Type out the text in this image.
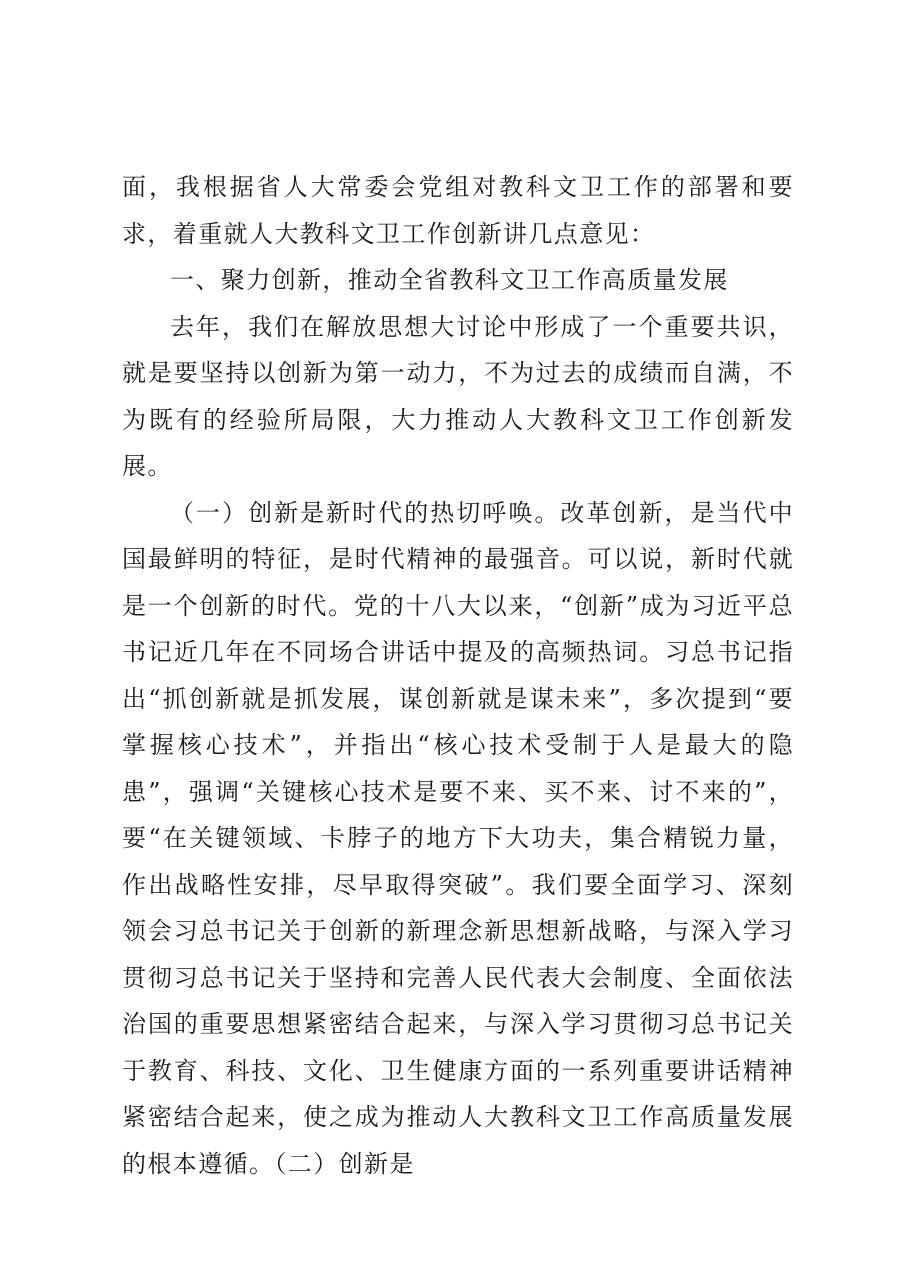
面，我根据省人大常委会党组对教科文卫工作的部署和要求，着重就人大教科文卫工作创新讲几点意见：

一、聚力创新，推动全省教科文卫工作高质量发展

去年，我们在解放思想大讨论中形成了一个重要共识，就是要坚持以创新为第一动力，不为过去的成绩而自满，不为既有的经验所局限，大力推动人大教科文卫工作创新发展。

（一）创新是新时代的热切呼唤。改革创新，是当代中国最鲜明的特征，是时代精神的最强音。可以说，新时代就是一个创新的时代。党的十八大以来，“创新”成为习近平总书记近几年在不同场合讲话中提及的高频热词。习总书记指出“抓创新就是抓发展，谋创新就是谋未来”，多次提到“要掌握核心技术”，并指出“核心技术受制于人是最大的隐患”，强调“关键核心技术是要不来、买不来、讨不来的”，要“在关键领域、卡脖子的地方下大功夫，集合精锐力量，作出战略性安排，尽早取得突破”。我们要全面学习、深刻领会习总书记关于创新的新理念新思想新战略，与深入学习贯彻习总书记关于坚持和完善人民代表大会制度、全面依法治国的重要思想紧密结合起来，与深入学习贯彻习总书记关于教育、科技、文化、卫生健康方面的一系列重要讲话精神紧密结合起来，使之成为推动人大教科文卫工作高质量发展的根本遵循。（二）创新是
